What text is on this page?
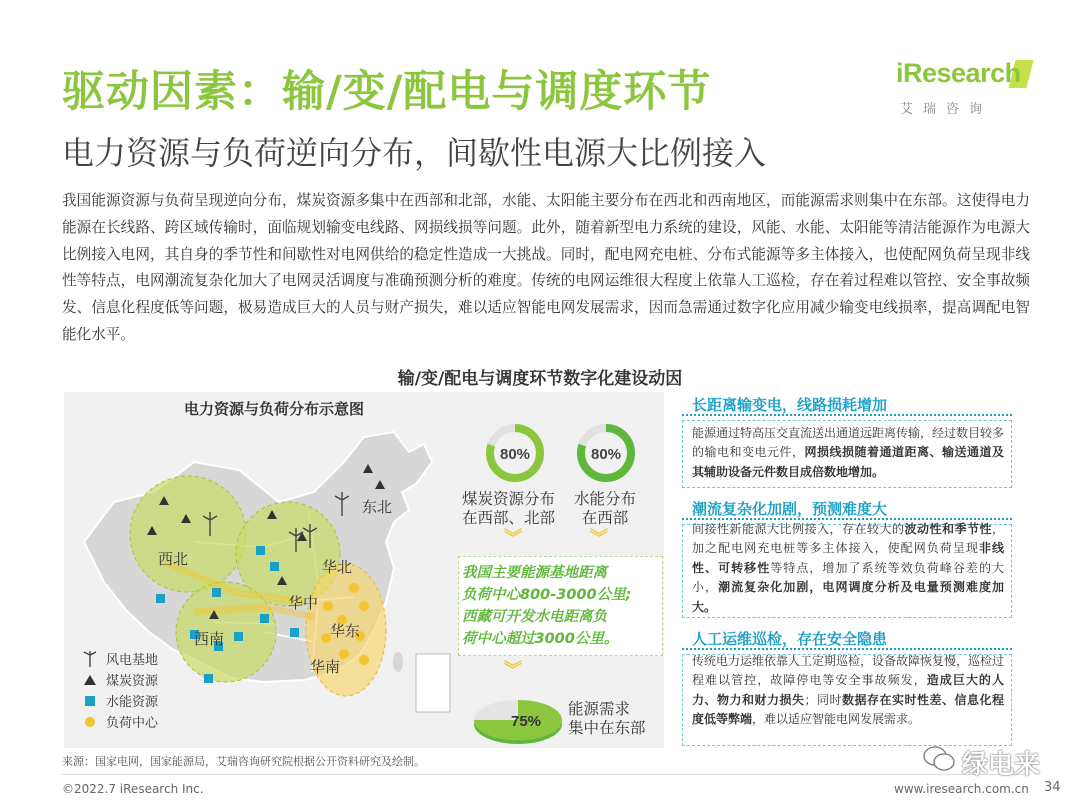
驱动因素：输/变/配电与调度环节
电力资源与负荷逆向分布，间歇性电源大比例接入
iResearch
艾瑞咨询
我国能源资源与负荷呈现逆向分布，煤炭资源多集中在西部和北部，水能、太阳能主要分布在西北和西南地区，而能源需求则集中在东部。这使得电力能源在长线路、跨区域传输时，面临规划输变电线路、网损线损等问题。此外，随着新型电力系统的建设，风能、水能、太阳能等清洁能源作为电源大比例接入电网，其自身的季节性和间歇性对电网供给的稳定性造成一大挑战。同时，配电网充电桩、分布式能源等多主体接入，也使配网负荷呈现非线性等特点，电网潮流复杂化加大了电网灵活调度与准确预测分析的难度。传统的电网运维很大程度上依靠人工巡检，存在着过程难以管控、安全事故频发、信息化程度低等问题，极易造成巨大的人员与财产损失，难以适应智能电网发展需求，因而急需通过数字化应用减少输变电线损率，提高调配电智能化水平。
输/变/配电与调度环节数字化建设动因
电力资源与负荷分布示意图
东北
西北	华北
华中
华东
西南
华南
风电基地
煤炭资源
水能资源
负荷中心
80%	80%
煤炭资源分布
在西部、北部
水能分布
在西部
︾	︾
我国主要能源基地距离
负荷中心800-3000公里;
西藏可开发水电距离负
荷中心超过3000公里。
︾
75%
能源需求
集中在东部
长距离输变电，线路损耗增加
能源通过特高压交直流送出通道远距离传输，经过数目较多的输电和变电元件，网损线损随着通道距离、输送通道及其辅助设备元件数目成倍数地增加。
潮流复杂化加剧，预测难度大
间接性新能源大比例接入，存在较大的波动性和季节性，加之配电网充电桩等多主体接入，使配网负荷呈现非线性、可转移性等特点，增加了系统等效负荷峰谷差的大小，潮流复杂化加剧，电网调度分析及电量预测难度加大。
人工运维巡检，存在安全隐患
传统电力运维依靠人工定期巡检，设备故障恢复慢，巡检过程难以管控，故障停电等安全事故频发，造成巨大的人力、物力和财力损失；同时数据存在实时性差、信息化程度低等弊端，难以适应智能电网发展需求。
来源：国家电网，国家能源局，艾瑞咨询研究院根据公开资料研究及绘制。
©2022.7 iResearch Inc.	www.iresearch.com.cn 34
绿电来
